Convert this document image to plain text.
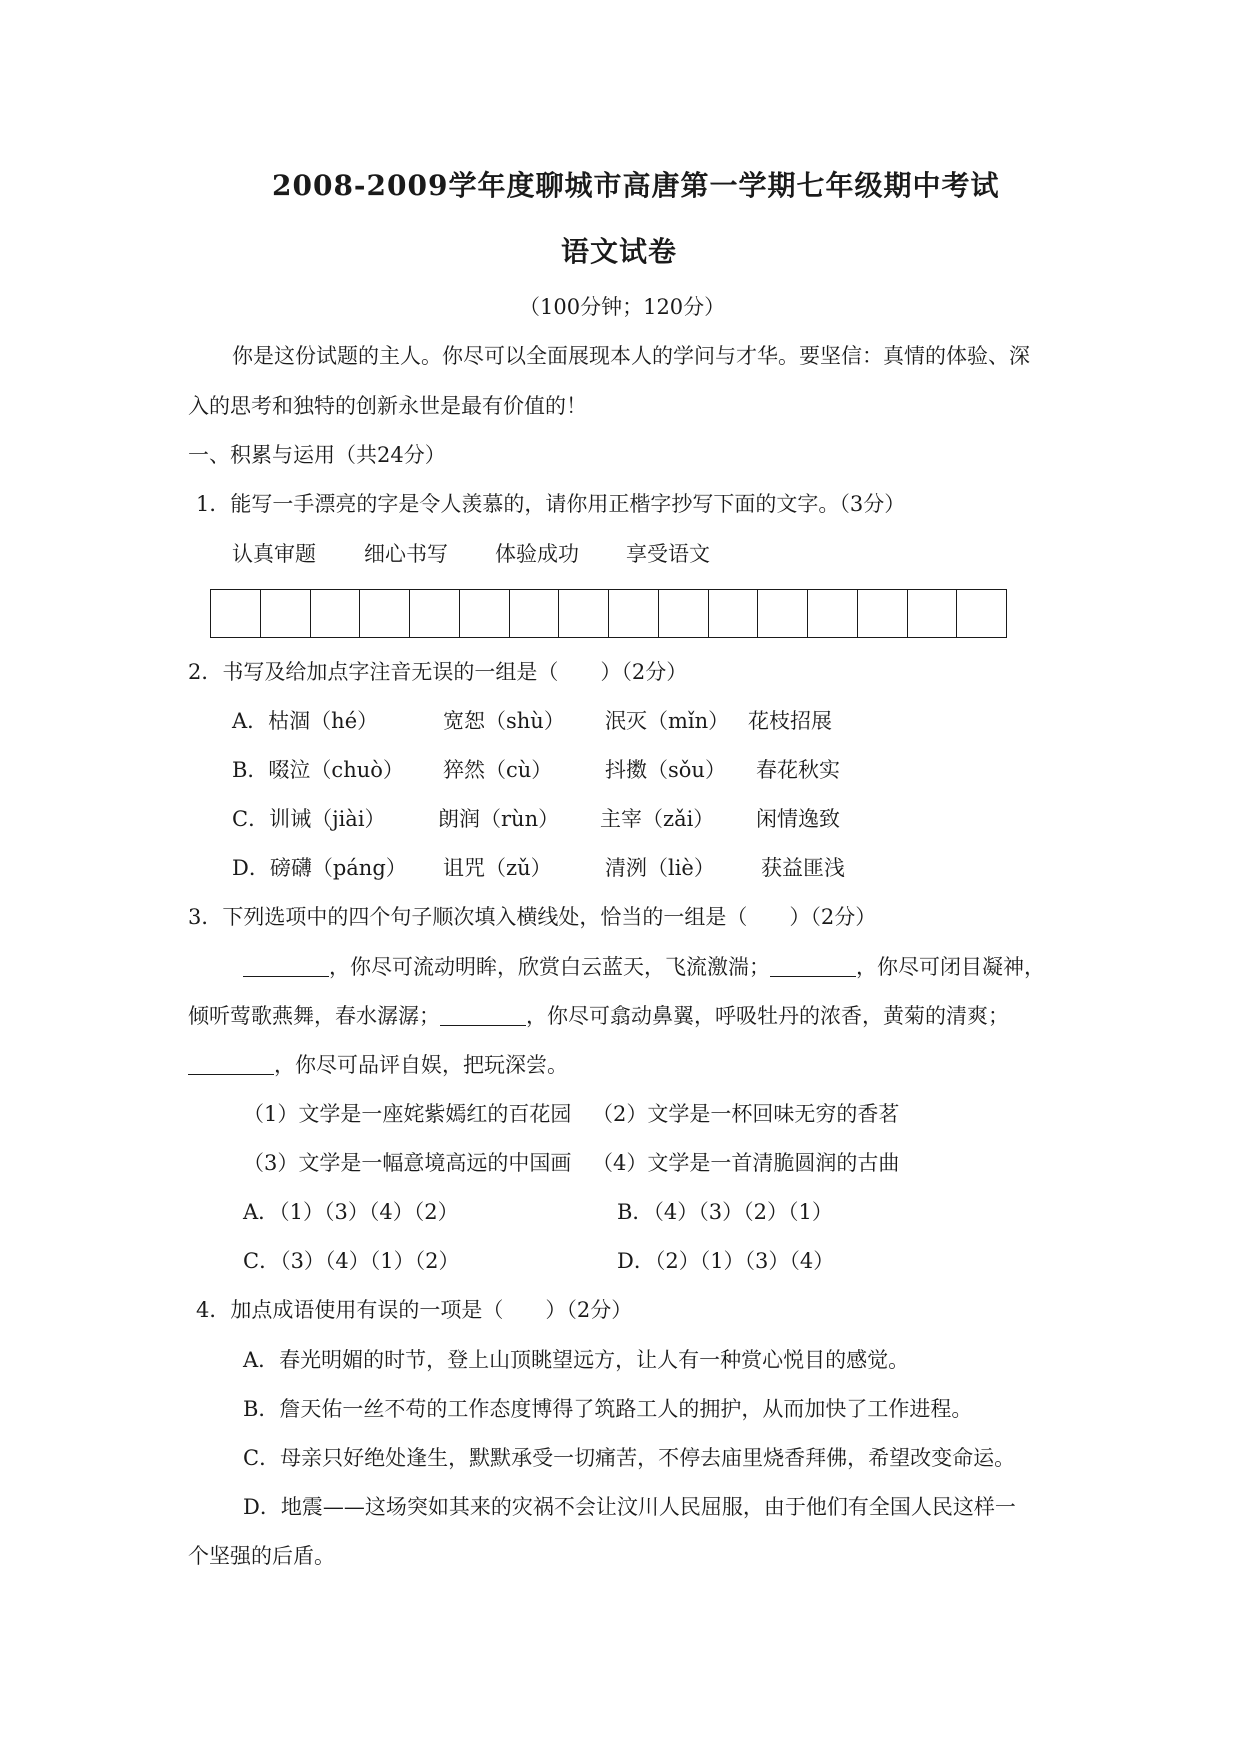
2008-2009学年度聊城市高唐第一学期七年级期中考试
语文试卷
（100分钟；120分）
你是这份试题的主人。你尽可以全面展现本人的学问与才华。要坚信：真情的体验、深
入的思考和独特的创新永世是最有价值的！
一、积累与运用（共24分）
1．能写一手漂亮的字是令人羡慕的，请你用正楷字抄写下面的文字。（3分）
认真审题 细心书写 体验成功 享受语文
2．书写及给加点字注音无误的一组是（　　）（2分）
A．枯涸（hé）	宽恕（shù） 泯灭（mǐn） 花枝招展
B．啜泣（chuò） 猝然（cù）	抖擞（sǒu） 春花秋实
C．训诫（jiài） 朗润（rùn） 主宰（zǎi） 闲情逸致
D．磅礴（páng） 诅咒（zǔ）	清洌（liè） 获益匪浅
3．下列选项中的四个句子顺次填入横线处，恰当的一组是（　　）（2分）
，你尽可流动明眸，欣赏白云蓝天，飞流激湍；	，你尽可闭目凝神，
倾听莺歌燕舞，春水潺潺；	，你尽可翕动鼻翼，呼吸牡丹的浓香，黄菊的清爽；
，你尽可品评自娱，把玩深尝。
（1）文学是一座姹紫嫣红的百花园 （2）文学是一杯回味无穷的香茗
（3）文学是一幅意境高远的中国画 （4）文学是一首清脆圆润的古曲
A．（1）（3）（4）（2）	B．（4）（3）（2）（1）
C．（3）（4）（1）（2）	D．（2）（1）（3）（4）
4．加点成语使用有误的一项是（　　）（2分）
A．春光明媚的时节，登上山顶眺望远方，让人有一种赏心悦目的感觉。
B．詹天佑一丝不苟的工作态度博得了筑路工人的拥护，从而加快了工作进程。
C．母亲只好绝处逢生，默默承受一切痛苦，不停去庙里烧香拜佛，希望改变命运。
D．地震——这场突如其来的灾祸不会让汶川人民屈服，由于他们有全国人民这样一
个坚强的后盾。
